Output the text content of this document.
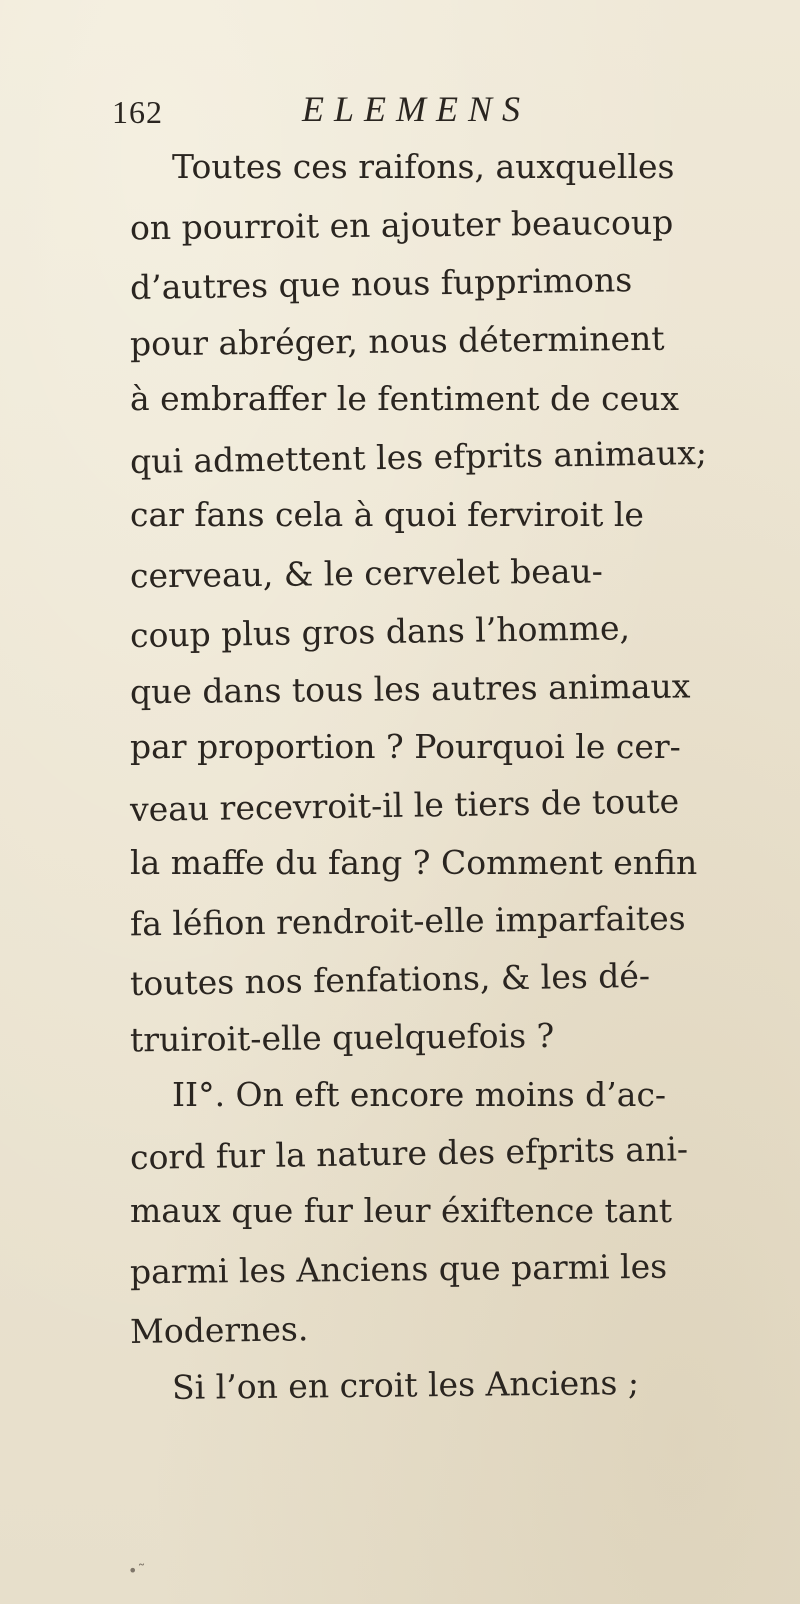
162	ELEMENS
Toutes ces raifons, auxquelles
on pourroit en ajouter beaucoup
d’autres que nous fupprimons
pour abréger, nous déterminent
à embraffer le fentiment de ceux
qui admettent les efprits animaux;
car fans cela à quoi ferviroit le
cerveau, & le cervelet beau-
coup plus gros dans l’homme,
que dans tous les autres animaux
par proportion ? Pourquoi le cer-
veau recevroit-il le tiers de toute
la maffe du fang ? Comment enfin
fa léfion rendroit-elle imparfaites
toutes nos fenfations, & les dé-
truiroit-elle quelquefois ?
II°. On eft encore moins d’ac-
cord fur la nature des efprits ani-
maux que fur leur éxiftence tant
parmi les Anciens que parmi les
Modernes.
Si l’on en croit les Anciens ;
•˜
